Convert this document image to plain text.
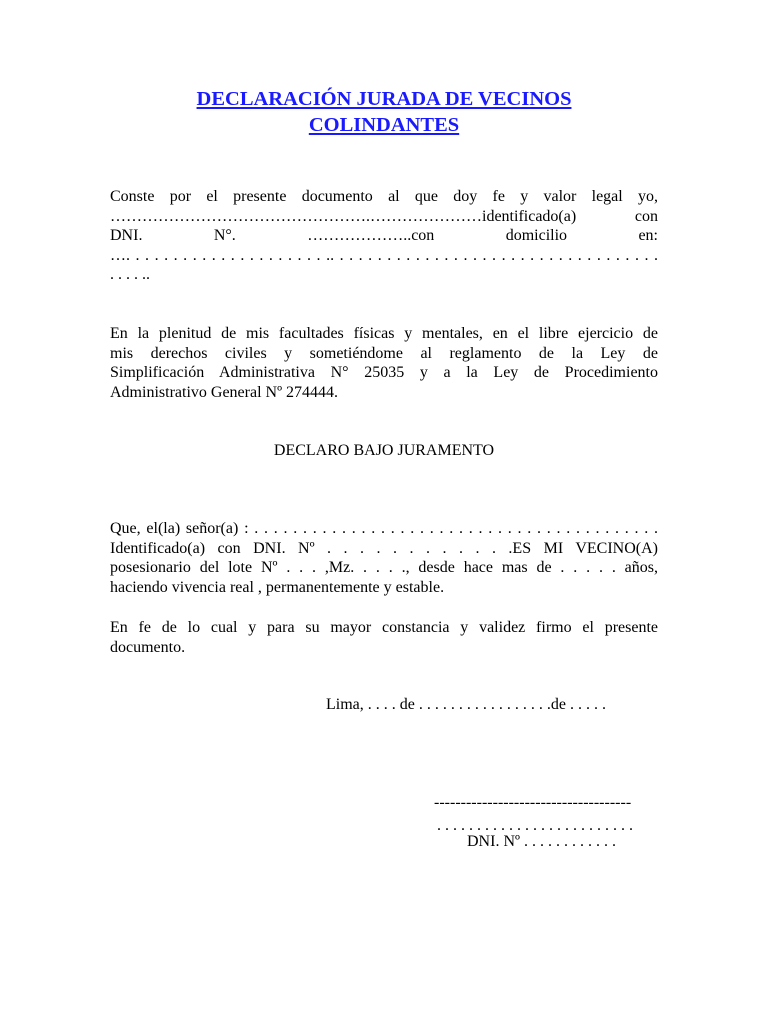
DECLARACIÓN JURADA DE VECINOS
COLINDANTES
Conste por el presente documento al que doy fe y valor legal yo,
………………………………………….…………………identificado(a) con
DNI. N°. ………………..con domicilio en:
…. . . . . . . . . . . . . . . . . . . . . .. . . . . . . . . . . . . . . . . . . . . . . . . . . . . . . . . . .
. . . . ..
En la plenitud de mis facultades físicas y mentales, en el libre ejercicio de
mis derechos civiles y sometiéndome al reglamento de la Ley de
Simplificación Administrativa N° 25035 y a la Ley de Procedimiento
Administrativo General Nº 274444.
DECLARO BAJO JURAMENTO
Que, el(la) señor(a) : . . . . . . . . . . . . . . . . . . . . . . . . . . . . . . . . . . . . . . . . . .
Identificado(a) con DNI. Nº . . . . . . . . . . . .ES MI VECINO(A)
posesionario del lote Nº . . . ,Mz. . . . ., desde hace mas de . . . . . años,
haciendo vivencia real , permanentemente y estable.
En fe de lo cual y para su mayor constancia y validez firmo el presente
documento.
Lima, . . . . de . . . . . . . . . . . . . . . . .de . . . . .
-------------------------------------
. . . . . . . . . . . . . . . . . . . . . . . . .
DNI. Nº . . . . . . . . . . . .
